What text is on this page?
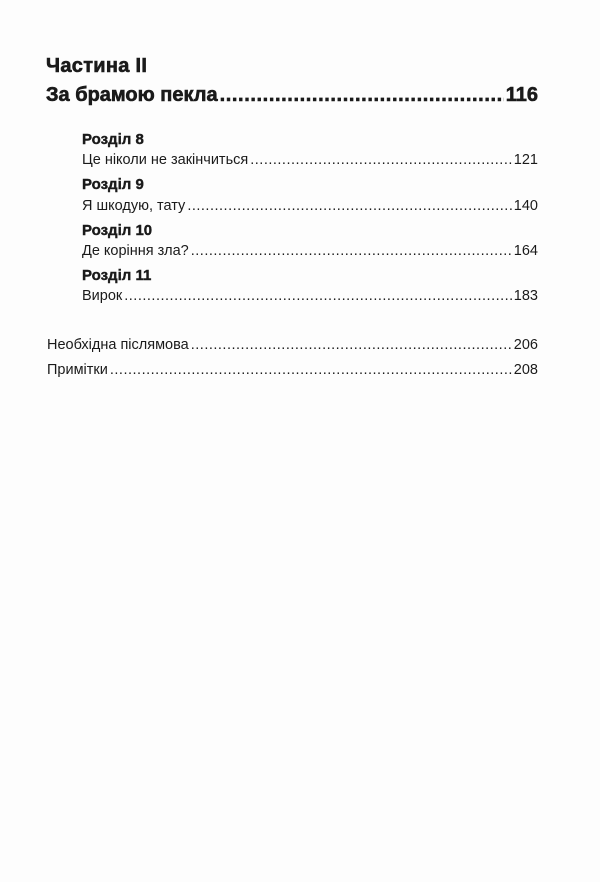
Частина II
За брамою пекла .....	116
Розділ 8
Це ніколи не закінчиться .....	121
Розділ 9
Я шкодую, тату .....	140
Розділ 10
Де коріння зла? .....	164
Розділ 11
Вирок .....	183
Необхідна післямова .....	206
Примітки .....	208
